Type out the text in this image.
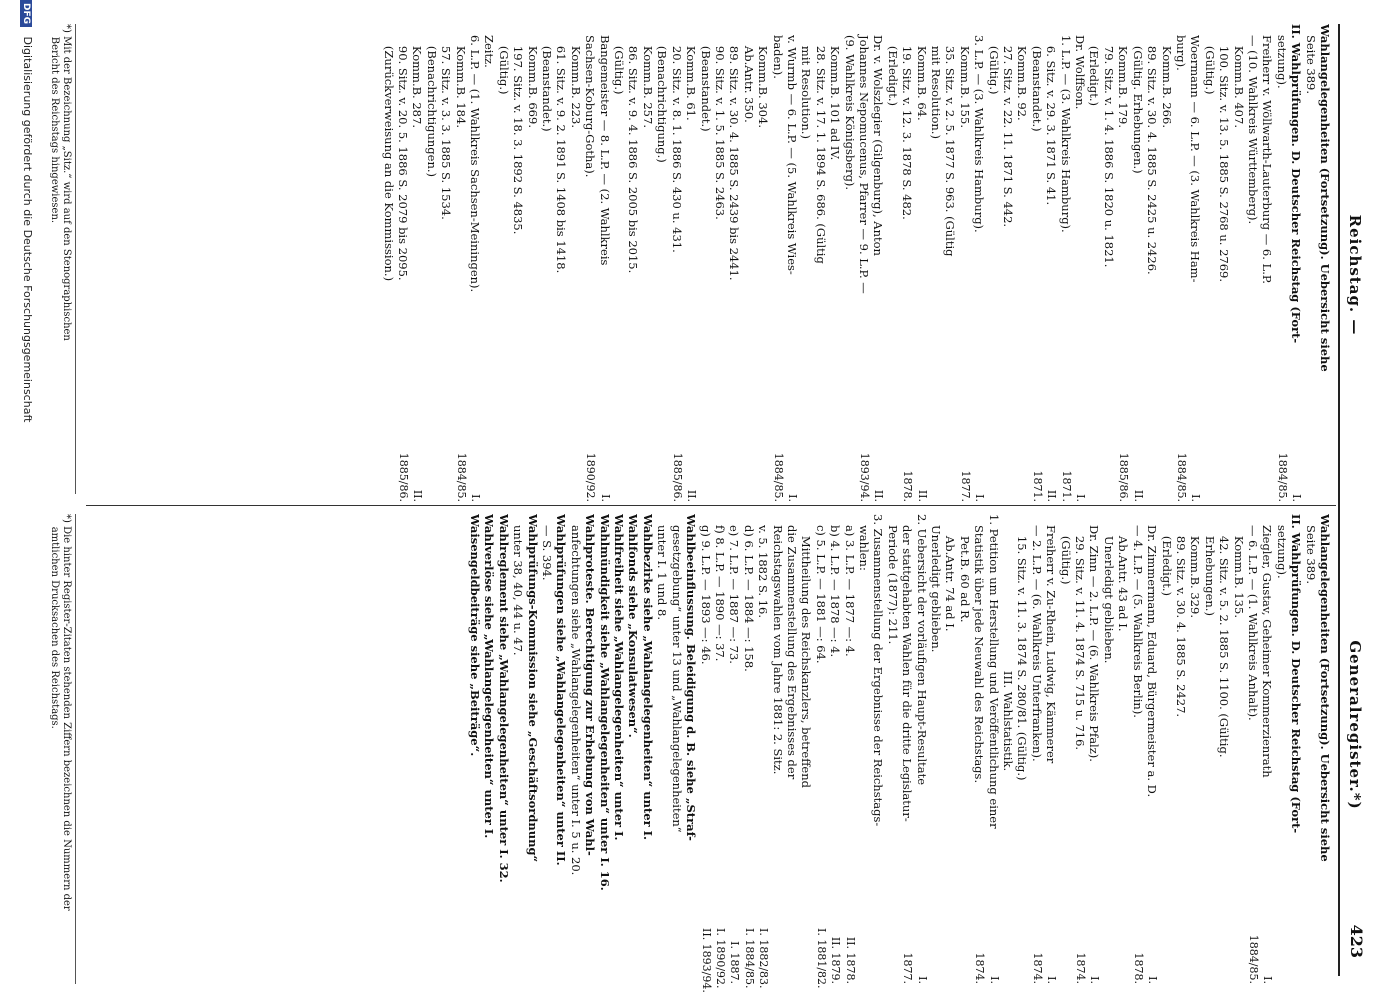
Reichstag. —
Generalregister.*)
423
Wahlangelegenheiten (Fortsetzung). Uebersicht siehe
Seite 389.
II. Wahlprüfungen. D. Deutscher Reichstag (Fort-
I.
setzung).
1884/85.
Freiherr v. Wöllwarth-Lauterburg — 6. L.P.
— (10. Wahlkreis Württemberg).
Komm.B. 407.
100. Sitz. v. 13. 5. 1885 S. 2768 u. 2769.
(Gültig.)
Woermann — 6. L.P. — (3. Wahlkreis Ham-
I.
burg).
1884/85.
Komm.B. 266.
89. Sitz. v. 30. 4. 1885 S. 2425 u. 2426.
(Gültig. Erhebungen.)
II.
Komm.B. 179.
1885/86.
79. Sitz. v. 1. 4. 1886 S. 1820 u. 1821.
(Erledigt.)
Dr. Wolffson.
I.
1. L.P. — (3. Wahlkreis Hamburg).
1871.
6. Sitz. v. 29. 3. 1871 S. 41.
II.
(Beanstandet.)
1871.
Komm.B. 92.
27. Sitz. v. 22. 11. 1871 S. 442.
(Gültig.)
3. L.P. — (3. Wahlkreis Hamburg).
I.
Komm.B. 155.
1877.
35. Sitz. v. 2. 5. 1877 S. 963. (Gültig
mit Resolution.)
Komm.B. 64.
II.
19. Sitz. v. 12. 3. 1878 S. 482.
1878.
(Erledigt.)
Dr. v. Wolszlegier (Gilgenburg), Anton
II.
Johannes Nepomucenus, Pfarrer — 9. L.P. —
1893/94.
(9. Wahlkreis Königsberg).
Komm.B. 101 ad IV.
28. Sitz. v. 17. 1. 1894 S. 686. (Gültig
mit Resolution.)
v. Wurmb — 6. L.P. — (5. Wahlkreis Wies-
I.
baden).
1884/85.
Komm.B. 304.
Ab.Antr. 350.
89. Sitz. v. 30. 4. 1885 S. 2439 bis 2441.
90. Sitz. v. 1. 5. 1885 S. 2463.
(Beanstandet.)
Komm.B. 61.
II.
20. Sitz. v. 8. 1. 1886 S. 430 u. 431.
1885/86.
(Benachrichtigung.)
Komm.B. 257.
86. Sitz. v. 9. 4. 1886 S. 2005 bis 2015.
(Gültig.)
Bangemeister — 8. L.P. — (2. Wahlkreis
I.
Sachsen-Koburg-Gotha).
1890/92.
Komm.B. 223.
61. Sitz. v. 9. 2. 1891 S. 1408 bis 1418.
(Beanstandet.)
Komm.B. 669.
197. Sitz. v. 18. 3. 1892 S. 4835.
(Gültig.)
Zeitz.
6. L.P. — (1. Wahlkreis Sachsen-Meiningen).
I.
Komm.B. 184.
1884/85.
57. Sitz. v. 3. 3. 1885 S. 1534.
(Benachrichtigungen.)
Komm.B. 287.
II.
90. Sitz. v. 20. 5. 1886 S. 2079 bis 2095.
1885/86.
(Zurückverweisung an die Kommission.)
Wahlangelegenheiten (Fortsetzung). Uebersicht siehe
Seite 389.
II. Wahlprüfungen. D. Deutscher Reichstag (Fort-
setzung).
Ziegler, Gustav, Geheimer Kommerzienrath
I.
— 6. L.P. — (1. Wahlkreis Anhalt).
1884/85.
Komm.B. 135.
42. Sitz. v. 5. 2. 1885 S. 1100. (Gültig.
Erhebungen.)
Komm.B. 329.
89. Sitz. v. 30. 4. 1885 S. 2427.
(Erledigt.)
Dr. Zimmermann, Eduard, Bürgermeister a. D.
I.
— 4. L.P. — (5. Wahlkreis Berlin).
1878.
Ab.Antr. 43 ad I.
Unerledigt geblieben.
Dr. Zinn — 2. L.P. — (6. Wahlkreis Pfalz).
I.
29. Sitz. v. 11. 4. 1874 S. 715 u. 716.
1874.
(Gültig.)
Freiherr v. Zu-Rhein, Ludwig, Kämmerer
I.
— 2. L.P. — (6. Wahlkreis Unterfranken).
1874.
15. Sitz. v. 11. 3. 1874 S. 280/81. (Gültig.)
III. Wahlstatistik.
1. Petition um Herstellung und Veröffentlichung einer
I.
Statistik über jede Neuwahl des Reichstags.
1874.
Pet.B. 60 ad R.
Ab.Antr. 74 ad I.
Unerledigt geblieben.
2. Uebersicht der vorläufigen Haupt-Resultate
I.
der stattgehabten Wahlen für die dritte Legislatur-
1877.
Periode (1877): 211.
3. Zusammenstellung der Ergebnisse der Reichstags-
wahlen:
a) 3. L.P. — 1877 —: 4.
II. 1878.
b) 4. L.P. — 1878 —: 4.
II. 1879.
c) 5. L.P. — 1881 —: 64.
I. 1881/82.
Mittheilung des Reichskanzlers, betreffend
die Zusammenstellung des Ergebnisses der
Reichstagswahlen vom Jahre 1881: 2. Sitz.
v. 5. 1882 S. 16.
I. 1882/83.
d) 6. L.P. — 1884 —: 158.
I. 1884/85.
e) 7. L.P. — 1887 —: 73.
I. 1887.
f) 8. L.P. — 1890 —: 37.
I. 1890/92.
g) 9. L.P. — 1893 —: 46.
II. 1893/94.
Wahlbeeinflussung. Beleidigung d. B. siehe „Straf-
gesetzgebung“ unter 13 und „Wahlangelegenheiten“
unter I. 1 und 8.
Wahlbezirke siehe „Wahlangelegenheiten“ unter I.
Wahlfonds siehe „Konsulatwesen“.
Wahlfreiheit siehe „Wahlangelegenheiten“ unter I.
Wahlmündigkeit siehe „Wahlangelegenheiten“ unter I. 16.
Wahlproteste. Berechtigung zur Erhebung von Wahl-
anfechtungen siehe „Wahlangelegenheiten“ unter I. 5 u. 20.
Wahlprüfungen siehe „Wahlangelegenheiten“ unter II.
— S. 394.
Wahlprüfungs-Kommission siehe „Geschäftsordnung“
unter 38, 40, 44 u. 47.
Wahlreglement siehe „Wahlangelegenheiten“ unter I. 32.
Wahlverlöse siehe „Wahlangelegenheiten“ unter I.
Waisengeldbeiträge siehe „Beiträge“.
*) Mit der Bezeichnung „Sitz.“ wird auf den Stenographischen
Bericht des Reichstags hingewiesen.
*) Die hinter Register-Zitaten stehenden Ziffern bezeichnen die Nummern der
amtlichen Drucksachen des Reichstags.
DFG Digitalisierung gefördert durch die Deutsche Forschungsgemeinschaft
